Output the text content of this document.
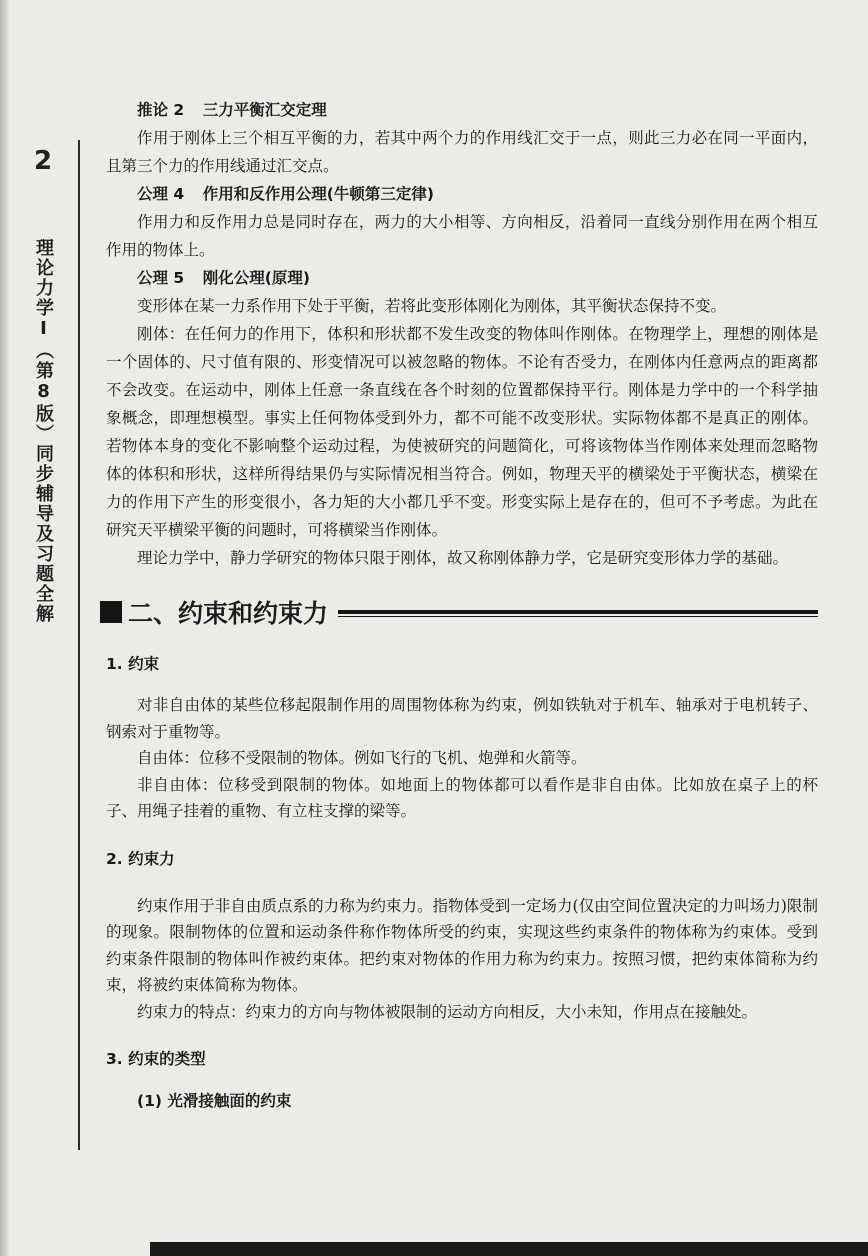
2
理论力学Ⅰ（第8版）同步辅导及习题全解

推论 2 三力平衡汇交定理

作用于刚体上三个相互平衡的力，若其中两个力的作用线汇交于一点，则此三力必在同一平面内，且第三个力的作用线通过汇交点。

公理 4 作用和反作用公理(牛顿第三定律)

作用力和反作用力总是同时存在，两力的大小相等、方向相反，沿着同一直线分别作用在两个相互作用的物体上。

公理 5 刚化公理(原理)

变形体在某一力系作用下处于平衡，若将此变形体刚化为刚体，其平衡状态保持不变。

刚体：在任何力的作用下，体积和形状都不发生改变的物体叫作刚体。在物理学上，理想的刚体是一个固体的、尺寸值有限的、形变情况可以被忽略的物体。不论有否受力，在刚体内任意两点的距离都不会改变。在运动中，刚体上任意一条直线在各个时刻的位置都保持平行。刚体是力学中的一个科学抽象概念，即理想模型。事实上任何物体受到外力，都不可能不改变形状。实际物体都不是真正的刚体。若物体本身的变化不影响整个运动过程，为使被研究的问题简化，可将该物体当作刚体来处理而忽略物体的体积和形状，这样所得结果仍与实际情况相当符合。例如，物理天平的横梁处于平衡状态，横梁在力的作用下产生的形变很小，各力矩的大小都几乎不变。形变实际上是存在的，但可不予考虑。为此在研究天平横梁平衡的问题时，可将横梁当作刚体。

理论力学中，静力学研究的物体只限于刚体，故又称刚体静力学，它是研究变形体力学的基础。

二、约束和约束力

1. 约束

对非自由体的某些位移起限制作用的周围物体称为约束，例如铁轨对于机车、轴承对于电机转子、钢索对于重物等。

自由体：位移不受限制的物体。例如飞行的飞机、炮弹和火箭等。

非自由体：位移受到限制的物体。如地面上的物体都可以看作是非自由体。比如放在桌子上的杯子、用绳子挂着的重物、有立柱支撑的梁等。

2. 约束力

约束作用于非自由质点系的力称为约束力。指物体受到一定场力(仅由空间位置决定的力叫场力)限制的现象。限制物体的位置和运动条件称作物体所受的约束，实现这些约束条件的物体称为约束体。受到约束条件限制的物体叫作被约束体。把约束对物体的作用力称为约束力。按照习惯，把约束体简称为约束，将被约束体简称为物体。

约束力的特点：约束力的方向与物体被限制的运动方向相反，大小未知，作用点在接触处。

3. 约束的类型

(1) 光滑接触面的约束
